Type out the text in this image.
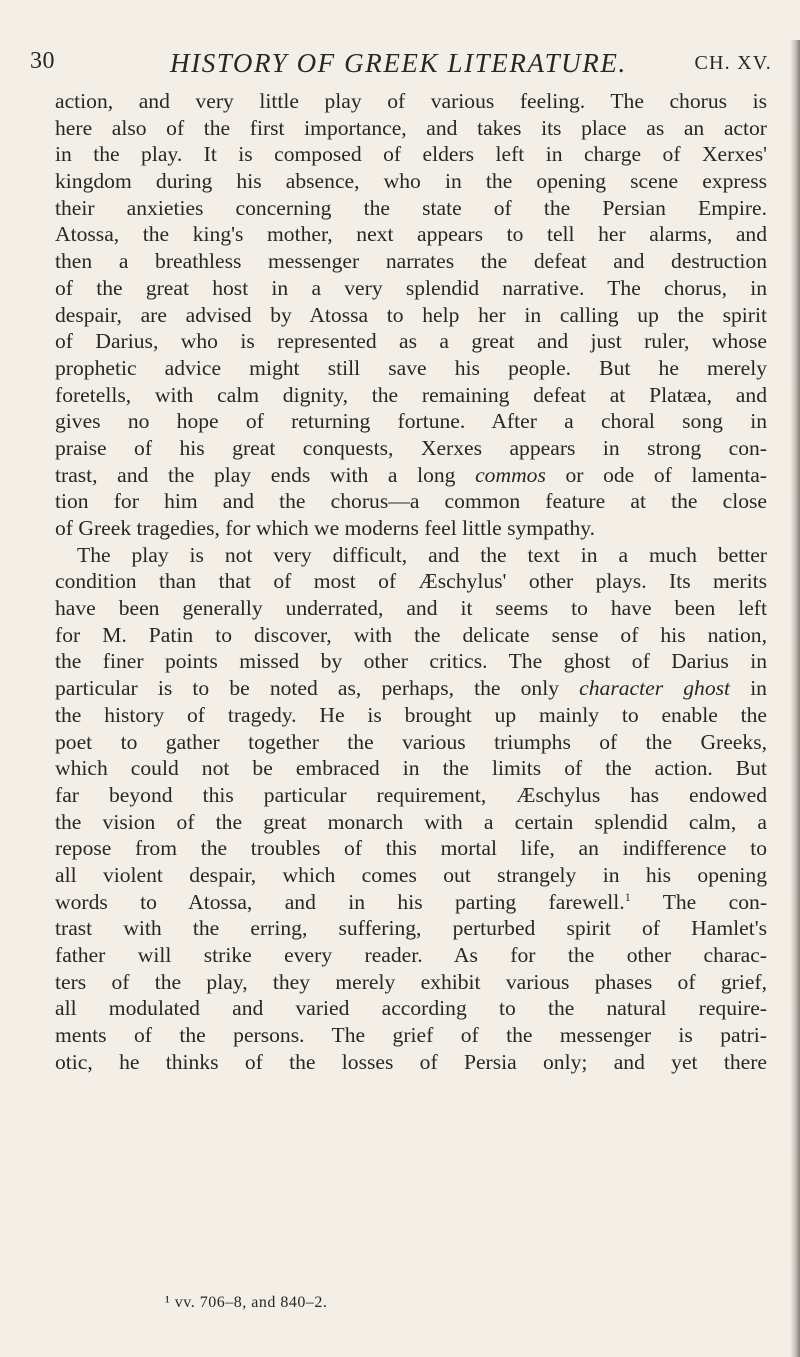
30	HISTORY OF GREEK LITERATURE.	CH. XV.
action, and very little play of various feeling. The chorus is
here also of the first importance, and takes its place as an actor
in the play. It is composed of elders left in charge of Xerxes'
kingdom during his absence, who in the opening scene express
their anxieties concerning the state of the Persian Empire.
Atossa, the king's mother, next appears to tell her alarms, and
then a breathless messenger narrates the defeat and destruction
of the great host in a very splendid narrative. The chorus, in
despair, are advised by Atossa to help her in calling up the spirit
of Darius, who is represented as a great and just ruler, whose
prophetic advice might still save his people. But he merely
foretells, with calm dignity, the remaining defeat at Platæa, and
gives no hope of returning fortune. After a choral song in
praise of his great conquests, Xerxes appears in strong con-
trast, and the play ends with a long commos or ode of lamenta-
tion for him and the chorus—a common feature at the close
of Greek tragedies, for which we moderns feel little sympathy.
The play is not very difficult, and the text in a much better
condition than that of most of Æschylus' other plays. Its merits
have been generally underrated, and it seems to have been left
for M. Patin to discover, with the delicate sense of his nation,
the finer points missed by other critics. The ghost of Darius in
particular is to be noted as, perhaps, the only character ghost in
the history of tragedy. He is brought up mainly to enable the
poet to gather together the various triumphs of the Greeks,
which could not be embraced in the limits of the action. But
far beyond this particular requirement, Æschylus has endowed
the vision of the great monarch with a certain splendid calm, a
repose from the troubles of this mortal life, an indifference to
all violent despair, which comes out strangely in his opening
words to Atossa, and in his parting farewell.$^1$ The con-
trast with the erring, suffering, perturbed spirit of Hamlet's
father will strike every reader. As for the other charac-
ters of the play, they merely exhibit various phases of grief,
all modulated and varied according to the natural require-
ments of the persons. The grief of the messenger is patri-
otic, he thinks of the losses of Persia only; and yet there
¹ vv. 706–8, and 840–2.
